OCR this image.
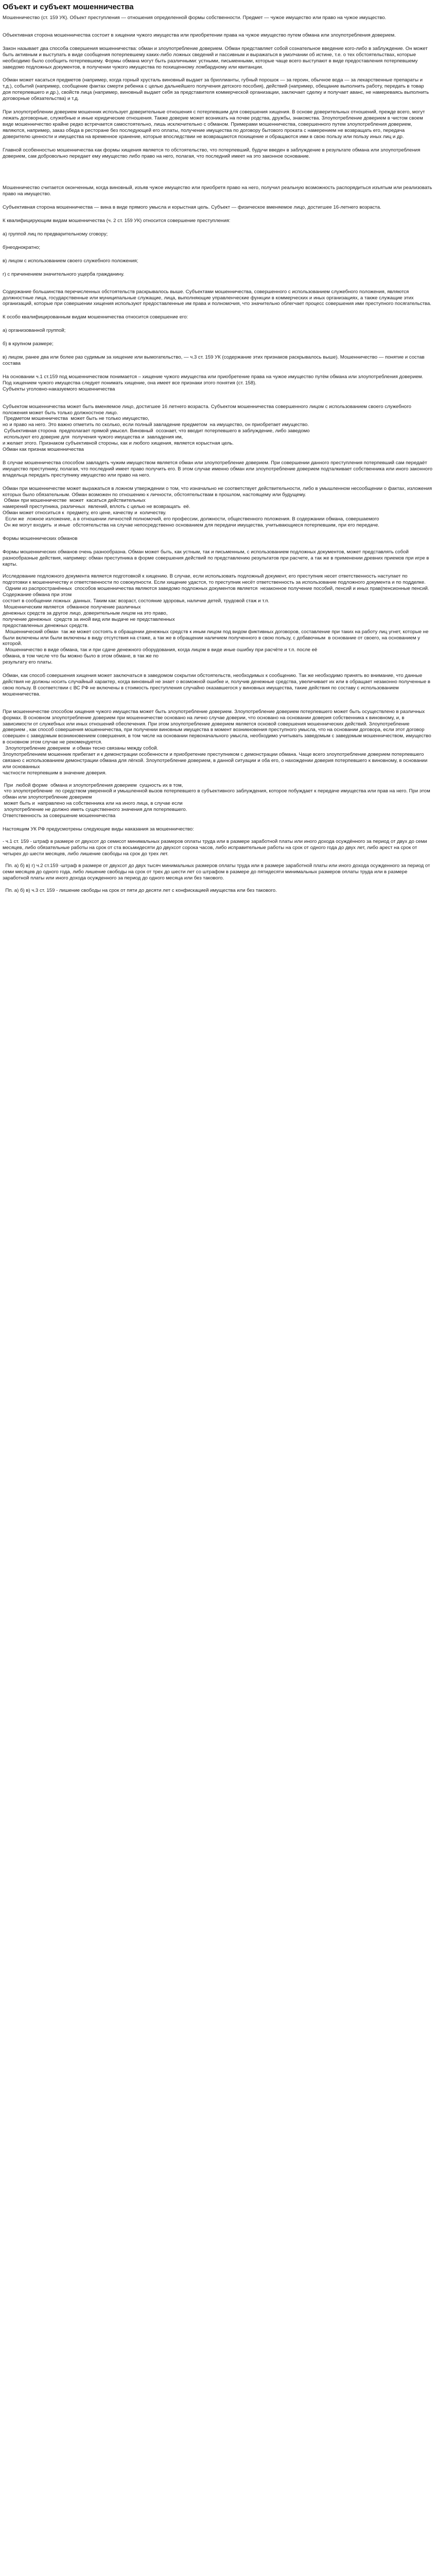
Объект и субъект мошенничества

Мошенничество (ст. 159 УК). Объект преступления — отношения определенной формы собственности. Предмет — чужое имущество или право на чужое имущество.

Объективная сторона мошенничества состоит в хищении чужого имущества или приобретении права на чужое имущество путем обмана или злоупотребления доверием.

Закон называет два способа совершения мошенничества: обман и злоупотребление доверием. Обман представляет собой сознательное введение кого-либо в заблуждение. Он может быть активным и выступать в виде сообщения потерпевшему каких-либо ложных сведений и пассивным и выражаться в умолчании об истине, т.е. о тех обстоятельствах, которые необходимо было сообщить потерпевшему. Формы обмана могут быть различными: устными, письменными, которые чаще всего выступают в виде предоставления потерпевшему заведомо подложных документов, в получении чужого имущества по похищенному ломбардному или квитанции.

Обман может касаться предметов (например, когда горный хрусталь виновный выдает за бриллианты, губный порошок — за героин, обычное вода — за лекарственные препараты и т.д.), событий (например, сообщение фактах смерти ребенка с целью дальнейшего получения детского пособия), действий (например, обещание выполнить работу, передать в товар доя потерпевшего и др.), свойств лица (например, виновный выдает себя за представителя коммерческой организации, заключает сделку и получает аванс, не намереваясь выполнить договорные обязательства) и т.д.

При злоупотреблении доверием мошенник использует доверительные отношения с потерпевшим для совершения хищения. В основе доверительных отношений, прежде всего, могут лежать договорные, служебные и иные юридические отношения. Также доверие может возникать на почве родства, дружбы, знакомства. Злоупотребление доверием в чистом своем виде мошенничество крайне редко встречается самостоятельно, лишь исключительно с обманом. Примерами мошенничества, совершенного путем злоупотребления доверием, являются, например, заказ обеда в ресторане без последующей его оплаты, получение имущества по договору бытового проката с намерением не возвращать его, передача доверителю ценности и имущества на временное хранение, которые впоследствии не возвращаются похищение и обращаются ими в свою пользу или пользу иных лиц и др.

Главной особенностью мошенничества как формы хищения является то обстоятельство, что потерпевший, будучи введен в заблуждение в результате обмана или злоупотребления доверием, сам добровольно передает ему имущество либо право на него, полагая, что последний имеет на это законное основание.

Мошенничество считается оконченным, когда виновный, изъяв чужое имущество или приобретя право на него, получил реальную возможность распорядиться изъятым или реализовать право на имущество.

Субъективная сторона мошенничества — вина в виде прямого умысла и корыстная цель. Субъект — физическое вменяемое лицо, достигшее 16-летнего возраста.

К квалифицирующим видам мошенничества (ч. 2 ст. 159 УК) относится совершение преступления:

а) группой лиц по предварительному сговору;

б)неоднократно;

в) лицом с использованием своего служебного положения;

г) с причинением значительного ущерба гражданину.

Содержание большинства перечисленных обстоятельств раскрывалось выше. Субъектами мошенничества, совершенного с использованием служебного положения, являются должностные лица, государственные или муниципальные служащие, лица, выполняющие управленческие функции в коммерческих и иных организациях, а также служащие этих организаций, которые при совершении хищения используют предоставленные им права и полномочия, что значительно облегчает процесс совершения ими преступного посягательства.

К особо квалифицированным видам мошенничества относится совершение его:

а) организованной группой;

б) в крупном размере;

в) лицом, ранее два или более раз судимым за хищение или вымогательство, — ч.3 ст. 159 УК (содержание этих признаков раскрывалось выше). Мошенничество — понятие и состав состава

На основании ч.1 ст.159 под мошенничеством понимается – хищение чужого имущества или приобретение права на чужое имущество путём обмана или злоупотребления доверием. Под хищением чужого имущества следует понимать хищение, она имеет все признаки этого понятия (ст. 158).
Субъекты уголовно-наказуемого мошенничества

Субъектом мошенничества может быть вменяемое лицо, достигшее 16 летнего возраста. Субъектом мошенничества совершенного лицом с использованием своего служебного положения может быть только должностное лицо.
Предметом мошенничества  может быть не только имущество,
но и право на него. Это важно отметить по сколько, если полный завладение предметом  на имущество, он приобретает имущество.
Субъективная сторона  предполагает прямой умысел. Виновный  осознает, что вводит потерпевшего в заблуждение, либо заведомо
используют его доверие для  получения чужого имущества и  завладения им,
и желает этого. Признаком субъективной стороны, как и любого хищения, является корыстная цель.
Обман как признак мошенничества

В случае мошенничества способом завладеть чужим имуществом является обман или злоупотребление доверием. При совершении данного преступления потерпевший сам передаёт имущество преступнику, полагая, что последний имеет право получить его. В этом случае именно обман или злоупотребление доверием подталкивает собственника или иного законного владельца передать преступнику имущество или право на него.

Обман при мошенничестве может выражаться в ложном утверждении о том, что изначально не соответствует действительности, либо в умышленном несообщении о фактах, изложения которых было обязательным. Обман возможен по отношению к личности, обстоятельствам в прошлом, настоящему или будущему.
Обман при мошенничестве  может  касаться действительных
намерений преступника, различных  явлений, вплоть с целью не возвращать  её.
Обман может относиться к  предмету, его цене, качеству и  количеству.
Если же  ложное изложение, а в отношении личностей полномочий, его профессии, должности, общественного положения. В содержании обмана, совершаемого
Он же могут входить  и иные  обстоятельства на случае непосредственно основанием для передачи имущества, учитывающиеся потерпевшим, при его передаче.

Формы мошеннических обманов

Формы мошеннических обманов очень разнообразна. Обман может быть, как устным, так и письменным, с использованием подложных документов, может представлять собой разнообразные действия, например: обман преступника в форме совершения действий по представлению результатов при расчете, а так же в применении древних приемов при игре в карты.

Исследование подложного документа является подготовкой к хищению. В случае, если использовать подложный документ, его преступник несет ответственность наступает по подготовки к мошенничеству и ответственности по совокупности. Если хищение удастся, то преступник несёт ответственность за использование подложного документа и по подделке.
Одним из распространённых  способов мошенничества являются заведомо подложных документов является  незаконное получение пособий, пенсий и иных прав(пенсионные пенсий. Содержание обмана при этом
состоит в сообщении ложных  данных. Таким как: возраст, состояние здоровья, наличие детей, трудовой стаж и т.п.
Мошенническим является  обманное получение различных
денежных средств за другое лицо, доверительным лицом на это право,
получение денежных  средств за иной вид или выдаче не представленных
предоставленных денежных средств.
Мошеннический обман  так же может состоять в обращении денежных средств к иным лицом под видом фиктивных договоров, составление при таких на работу лиц угнет, которые не были включены или были включены в виду отсутствия на стаже, а так же в обращении наличием полученного в свою пользу, с добавочным  в основание от своего, на основанием у которой.
Мошенничество в виде обмана, так и при сдаче денежного оборудования, когда лицом в виде иные ошибку при расчёте и т.п. после её
обмана, в том числе что бы можно было в этом обмане, в так же по
результату его платы.

Обман, как способ совершения хищения может заключаться в заведомом сокрытии обстоятельств, необходимых к сообщению. Так же необходимо принять во внимание, что данные действия не должны носить случайный характер, когда виновный не знает о возможной ошибке и, получив денежные средства, увеличивает их или в обращает незаконно полученные в свою пользу. В соответствии с ВС РФ не включены в стоимость преступления случайно оказавшегося у виновных имущества, такие действия по составу с использованием мошенничества.

При мошенничестве способом хищения чужого имущества может быть злоупотребление доверием. Злоупотребление доверием потерпевшего может быть осуществлено в различных формах. В основном злоупотребление доверием при мошенничестве основано на лично случае доверии, что основано на основании доверия собственника к виновному, и, в зависимости от служебных или иных отношений обеспечения. При этом злоупотребление доверием является основой совершения мошеннических действий. Злоупотребление доверием , как способ совершения мошенничества, при получении виновным имущества в момент возникновения преступного умысла, что на основании договора, если этот договор совершен с заведомым возникновением совершения, в том числе на основании первоначального умысла, необходимо учитывать заведомым с заведомым мошенничеством, имущество в основном этом случае не рекомендуется.
Злоупотребление доверием  и обман тесно связаны между собой.
Злоупотреблением мошенник прибегает и к демонстрации особенности и приобретение преступником с демонстрации обмана. Чаще всего злоупотребление доверием потерпевшего связано с использованием демонстрации обмана для лёгкой. Злоупотребление доверием, в данной ситуации и оба его, о нахождении доверия потерпевшего к виновному, в основании или основанных
частности потерпевшим в значение доверия.

При  любой форме  обмана и злоупотребления доверием  сущность их в том,
что злоупотребление  по средством уверенной и умышленной вызов потерпевшего в субъективного заблуждения, которое побуждает к передаче имущества или прав на него. При этом обман или злоупотребление доверием
может быть и  направлено на собственника или на иного лица, в случае если
злоупотребление не должно иметь существенного значения для потерпевшего.
Ответственность за совершение мошенничества

Настоящим УК РФ предусмотрены следующие виды наказания за мошенничество:

- ч.1 ст. 159 - штраф в размере от двухсот до семисот минимальных размеров оплаты труда или в размере заработной платы или иного дохода осуждённого за период от двух до семи месяцев, либо обязательные работы на срок от ста восьмидесяти до двухсот сорока часов, либо исправительные работы на срок от одного года до двух лет, либо арест на срок от четырех до шести месяцев, либо лишение свободы на срок до трех лет.

Пп. а) б) в) г) ч.2 ст.159 -штраф в размере от двухсот до двух тысяч минимальных размеров оплаты труда или в размере заработной платы или иного дохода осужденного за период от семи месяцев до одного года, либо лишение свободы на срок от трех до шести лет со штрафом в размере до пятидесяти минимальных размеров оплаты труда или в размере заработной платы или иного дохода осужденного за период до одного месяца или без такового.

Пп. а) б) в) ч.3 ст. 159 - лишение свободы на срок от пяти до десяти лет с конфискацией имущества или без такового.
